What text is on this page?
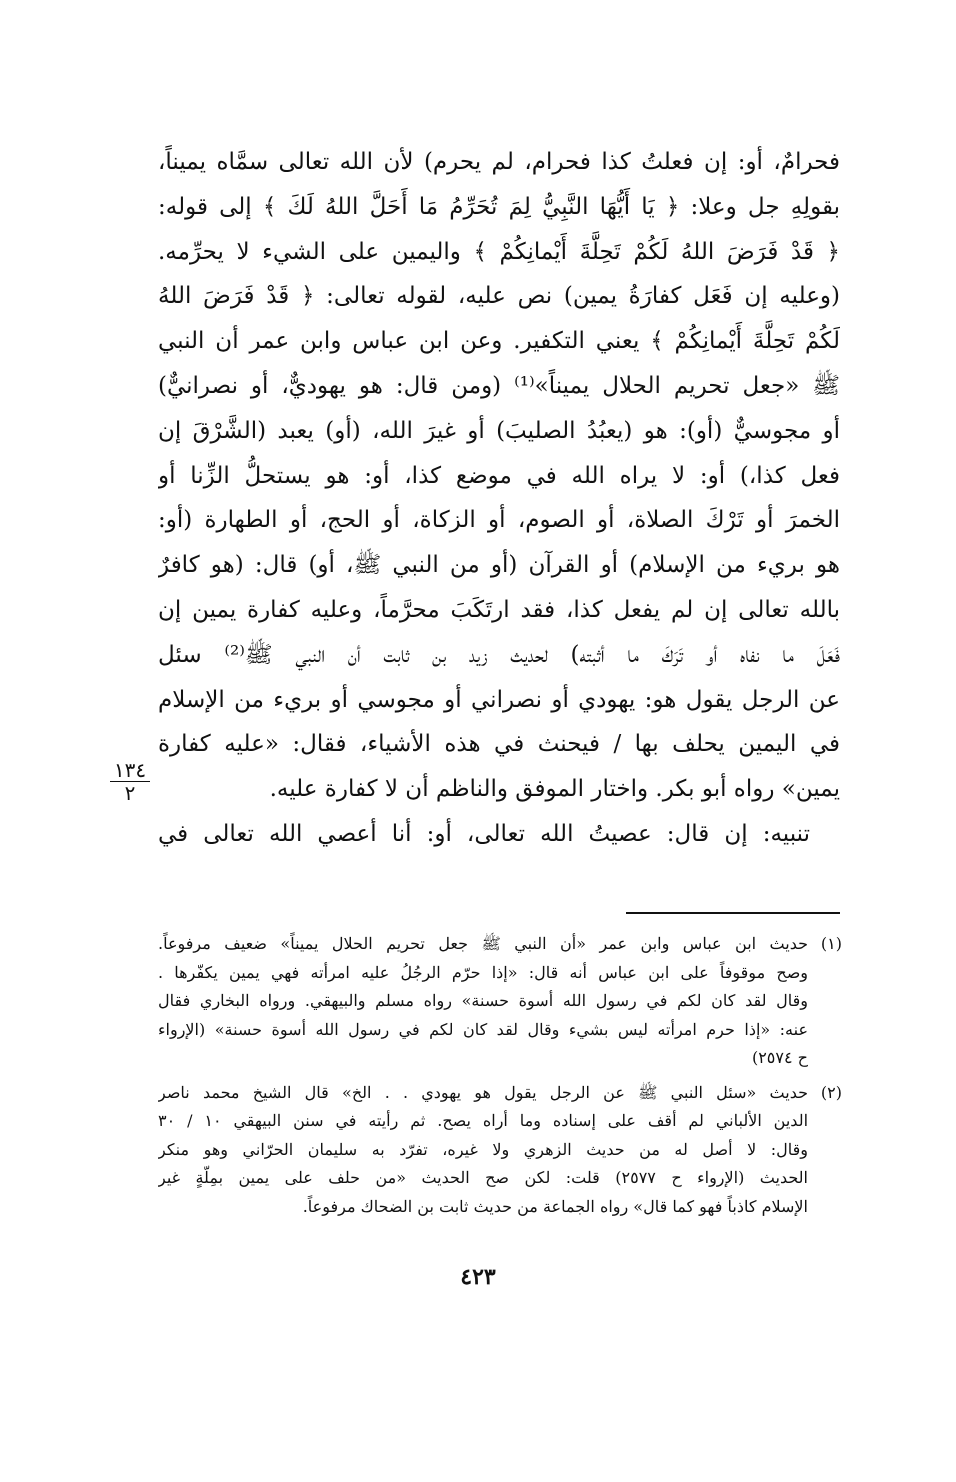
فحرامٌ، أو: إن فعلتُ كذا فحرام، لم يحرم) لأن الله تعالى سمَّاه يميناً،
بقولِهِ جل وعلا: ﴿ يَا أَيُّهَا النَّبِيُّ لِمَ تُحَرِّمُ مَا أَحَلَّ اللهُ لَكَ ﴾ إلى قوله:
﴿ قَدْ فَرَضَ اللهُ لَكُمْ تَحِلَّةَ أَيْمانِكُمْ ﴾ واليمين على الشيء لا يحرِّمه.
(وعليه إن فَعَل كفارَةُ يمين) نص عليه، لقوله تعالى: ﴿ قَدْ فَرَضَ اللهُ
لَكُمْ تَحِلَّةَ أَيْمانِكُمْ ﴾ يعني التكفير. وعن ابن عباس وابن عمر أن النبي
ﷺ «جعل تحريم الحلال يميناً»⁽¹⁾ (ومن قال: هو يهوديٌّ، أو نصرانيٌّ)
أو مجوسيٌّ (أو): هو (يعبُدُ الصليبَ) أو غيرَ الله، (أو) يعبد (الشَّرْقَ إن
فعل كذا،) أو: لا يراه الله في موضع كذا، أو: هو يستحلُّ الزِّنا أو
الخمرَ أو تَرْكَ الصلاة، أو الصوم، أو الزكاة، أو الحج، أو الطهارة (أو:
هو بريء من الإسلام) أو القرآن (أو من النبي ﷺ، أو) قال: (هو كافرٌ
بالله تعالى إن لم يفعل كذا، فقد ارتَكَبَ محرَّماً، وعليه كفارة يمين إن
فَعَلَ ما نفاه أو تَرَكَ ما أثبته) لحديث زيد بن ثابت أن النبي ﷺ⁽²⁾ سئل
عن الرجل يقول هو: يهودي أو نصراني أو مجوسي أو بريء من الإسلام
في اليمين يحلف بها / فيحنث في هذه الأشياء، فقال: «عليه كفارة
يمين» رواه أبو بكر. واختار الموفق والناظم أن لا كفارة عليه.
تنبيه: إن قال: عصيتُ الله تعالى، أو: أنا أعصي الله تعالى في
١٣٤
٢
(١)
حديث ابن عباس وابن عمر «أن النبي ﷺ جعل تحريم الحلال يميناً» ضعيف مرفوعاً.
وصح موقوفاً على ابن عباس أنه قال: «إذا حرّم الرجُلُ عليه امرأته فهي يمين يكفّرها .
وقال لقد كان لكم في رسول الله أسوة حسنة» رواه مسلم والبيهقي. ورواه البخاري فقال
عنه: «إذا حرم امرأته ليس بشيء وقال لقد كان لكم في رسول الله أسوة حسنة» (الإرواء
ح ٢٥٧٤)
(٢)
حديث «سئل النبي ﷺ عن الرجل يقول هو يهودي . . الخ» قال الشيخ محمد ناصر
الدين الألباني لم أقف على إسناده وما أراه يصح. ثم رأيته في سنن البيهقي ١٠ / ٣٠
وقال: لا أصل له من حديث الزهري ولا غيره، تفرّد به سليمان الحرّاني وهو منكر
الحديث (الإرواء ح ٢٥٧٧) قلت: لكن صح الحديث «من حلف على يمين بمِلّةٍ غير
الإسلام كاذباً فهو كما قال» رواه الجماعة من حديث ثابت بن الضحاك مرفوعاً.
٤٢٣
